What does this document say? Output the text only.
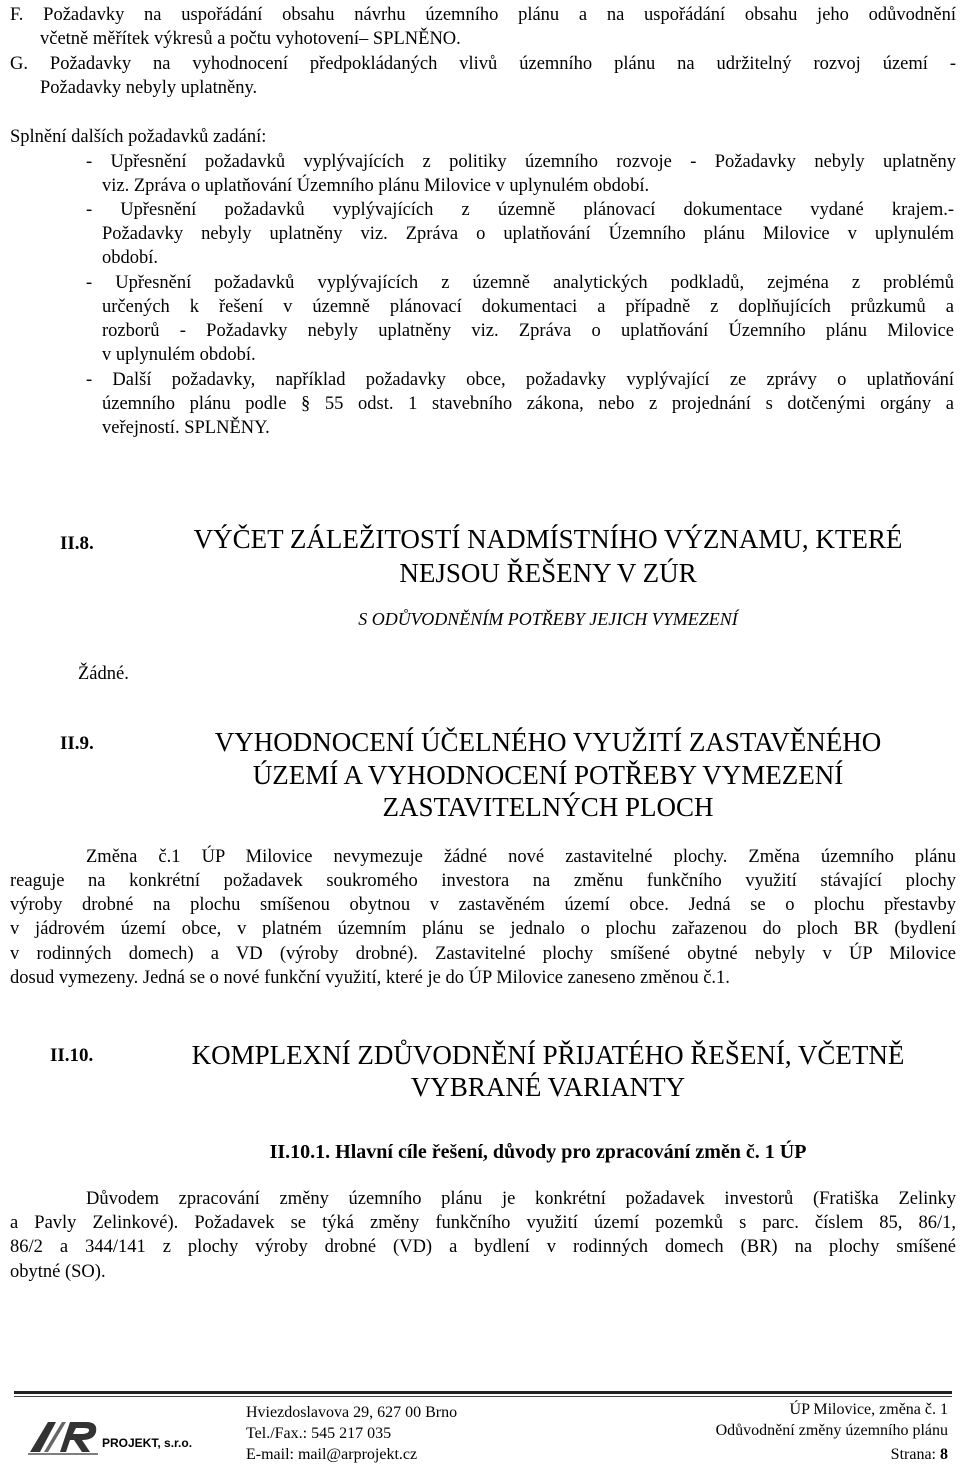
F. Požadavky na uspořádání obsahu návrhu územního plánu a na uspořádání obsahu jeho odůvodnění
včetně měřítek výkresů a počtu vyhotovení– SPLNĚNO.
G. Požadavky na vyhodnocení předpokládaných vlivů územního plánu na udržitelný rozvoj území -
Požadavky nebyly uplatněny.
Splnění dalších požadavků zadání:
- Upřesnění požadavků vyplývajících z politiky územního rozvoje - Požadavky nebyly uplatněny
viz. Zpráva o uplatňování Územního plánu Milovice v uplynulém období.
- Upřesnění požadavků vyplývajících z územně plánovací dokumentace vydané krajem.-
Požadavky nebyly uplatněny viz. Zpráva o uplatňování Územního plánu Milovice v uplynulém
období.
- Upřesnění požadavků vyplývajících z územně analytických podkladů, zejména z problémů
určených k řešení v územně plánovací dokumentaci a případně z doplňujících průzkumů a
rozborů - Požadavky nebyly uplatněny viz. Zpráva o uplatňování Územního plánu Milovice
v uplynulém období.
- Další požadavky, například požadavky obce, požadavky vyplývající ze zprávy o uplatňování
územního plánu podle § 55 odst. 1 stavebního zákona, nebo z projednání s dotčenými orgány a
veřejností. SPLNĚNY.
II.8.	VÝČET ZÁLEŽITOSTÍ NADMÍSTNÍHO VÝZNAMU, KTERÉ
NEJSOU ŘEŠENY V ZÚR
S ODŮVODNĚNÍM POTŘEBY JEJICH VYMEZENÍ
Žádné.
II.9.	VYHODNOCENÍ ÚČELNÉHO VYUŽITÍ ZASTAVĚNÉHO
ÚZEMÍ A VYHODNOCENÍ POTŘEBY VYMEZENÍ
ZASTAVITELNÝCH PLOCH
Změna č.1 ÚP Milovice nevymezuje žádné nové zastavitelné plochy. Změna územního plánu
reaguje na konkrétní požadavek soukromého investora na změnu funkčního využití stávající plochy
výroby drobné na plochu smíšenou obytnou v zastavěném území obce. Jedná se o plochu přestavby
v jádrovém území obce, v platném územním plánu se jednalo o plochu zařazenou do ploch BR (bydlení
v rodinných domech) a VD (výroby drobné). Zastavitelné plochy smíšené obytné nebyly v ÚP Milovice
dosud vymezeny. Jedná se o nové funkční využití, které je do ÚP Milovice zaneseno změnou č.1.
II.10.	KOMPLEXNÍ ZDŮVODNĚNÍ PŘIJATÉHO ŘEŠENÍ, VČETNĚ
VYBRANÉ VARIANTY
II.10.1. Hlavní cíle řešení, důvody pro zpracování změn č. 1 ÚP
Důvodem zpracování změny územního plánu je konkrétní požadavek investorů (Fratiška Zelinky
a Pavly Zelinkové). Požadavek se týká změny funkčního využití území pozemků s parc. číslem 85, 86/1,
86/2 a 344/141 z plochy výroby drobné (VD) a bydlení v rodinných domech (BR) na plochy smíšené
obytné (SO).
PROJEKT, s.r.o.
Hviezdoslavova 29, 627 00 Brno
Tel./Fax.: 545 217 035
E-mail: mail@arprojekt.cz
ÚP Milovice, změna č. 1
Odůvodnění změny územního plánu
Strana: 8
